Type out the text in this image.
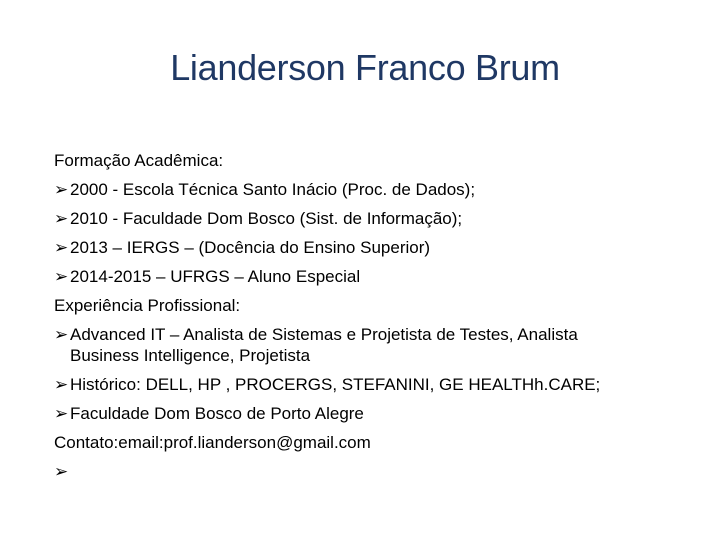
Lianderson Franco Brum
Formação Acadêmica:
➢ 2000 - Escola Técnica Santo Inácio (Proc. de Dados);
➢ 2010 - Faculdade Dom Bosco (Sist. de Informação);
➢ 2013 – IERGS – (Docência do Ensino Superior)
➢ 2014-2015 – UFRGS – Aluno Especial
Experiência Profissional:
➢ Advanced IT – Analista de Sistemas e Projetista de Testes, Analista
Business Intelligence, Projetista
➢ Histórico: DELL, HP , PROCERGS, STEFANINI, GE HEALTHh.CARE;
➢ Faculdade Dom Bosco de Porto Alegre
Contato:email:prof.lianderson@gmail.com
➢
